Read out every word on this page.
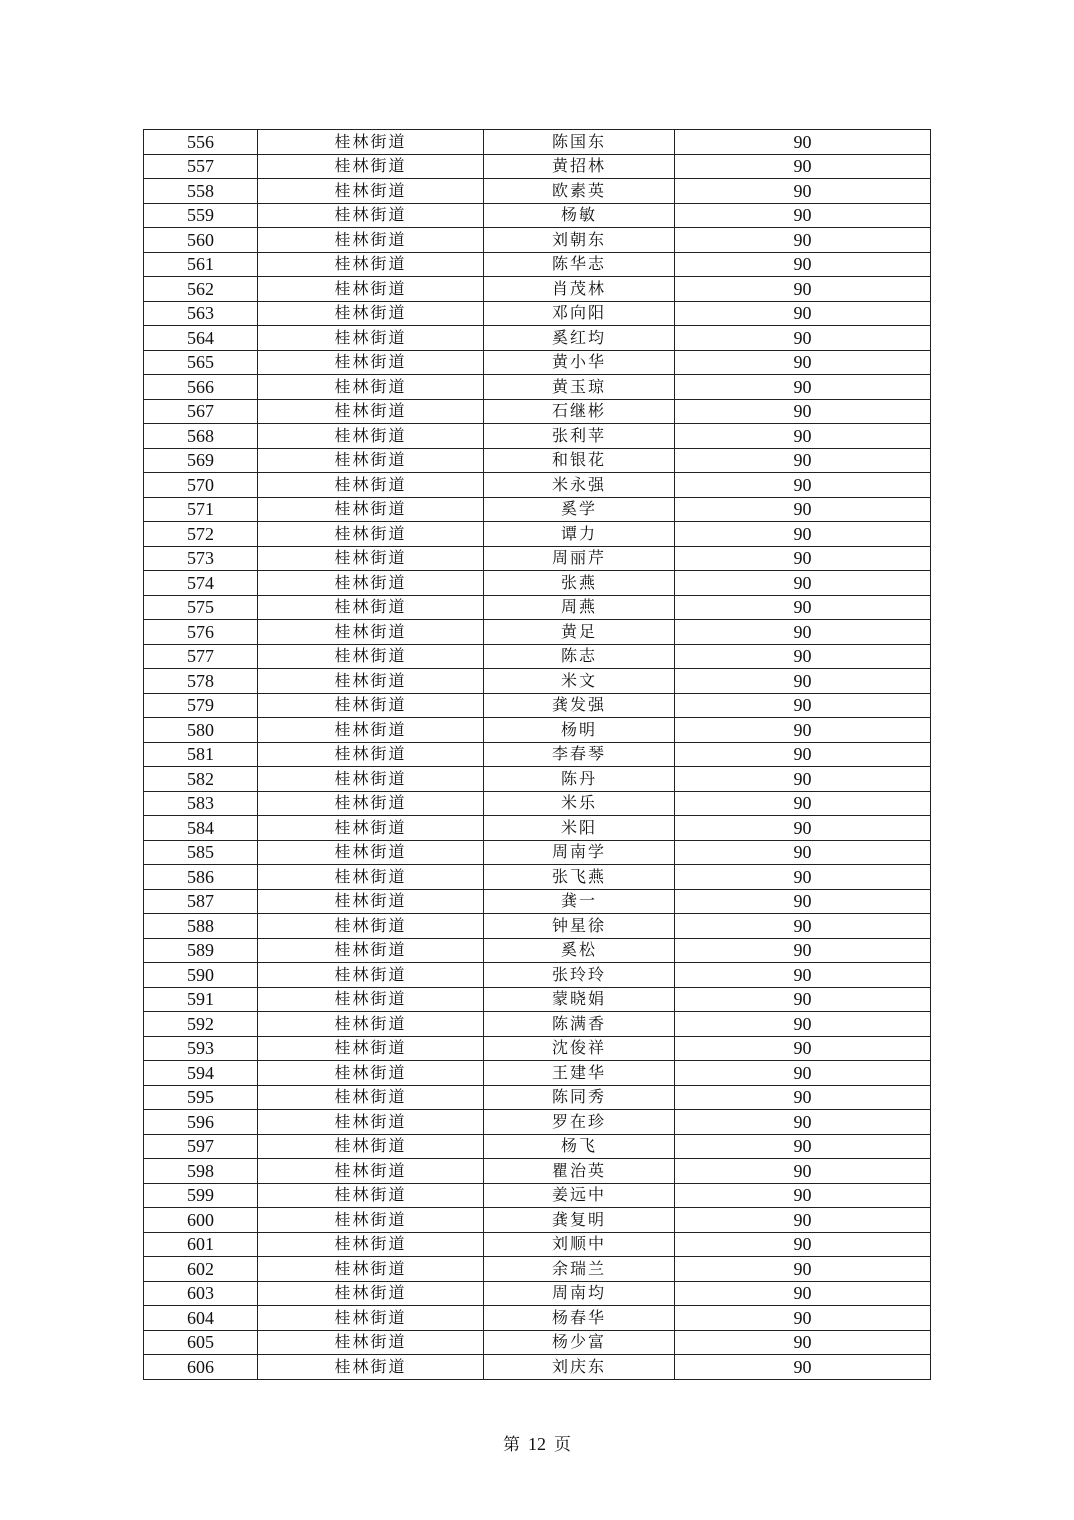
556	桂林街道	陈国东	90
557	桂林街道	黄招林	90
558	桂林街道	欧素英	90
559	桂林街道	杨敏	90
560	桂林街道	刘朝东	90
561	桂林街道	陈华志	90
562	桂林街道	肖茂林	90
563	桂林街道	邓向阳	90
564	桂林街道	奚红均	90
565	桂林街道	黄小华	90
566	桂林街道	黄玉琼	90
567	桂林街道	石继彬	90
568	桂林街道	张利苹	90
569	桂林街道	和银花	90
570	桂林街道	米永强	90
571	桂林街道	奚学	90
572	桂林街道	谭力	90
573	桂林街道	周丽芹	90
574	桂林街道	张燕	90
575	桂林街道	周燕	90
576	桂林街道	黄足	90
577	桂林街道	陈志	90
578	桂林街道	米文	90
579	桂林街道	龚发强	90
580	桂林街道	杨明	90
581	桂林街道	李春琴	90
582	桂林街道	陈丹	90
583	桂林街道	米乐	90
584	桂林街道	米阳	90
585	桂林街道	周南学	90
586	桂林街道	张飞燕	90
587	桂林街道	龚一	90
588	桂林街道	钟星徐	90
589	桂林街道	奚松	90
590	桂林街道	张玲玲	90
591	桂林街道	蒙晓娟	90
592	桂林街道	陈满香	90
593	桂林街道	沈俊祥	90
594	桂林街道	王建华	90
595	桂林街道	陈同秀	90
596	桂林街道	罗在珍	90
597	桂林街道	杨飞	90
598	桂林街道	瞿治英	90
599	桂林街道	姜远中	90
600	桂林街道	龚复明	90
601	桂林街道	刘顺中	90
602	桂林街道	余瑞兰	90
603	桂林街道	周南均	90
604	桂林街道	杨春华	90
605	桂林街道	杨少富	90
606	桂林街道	刘庆东	90
第 12 页
